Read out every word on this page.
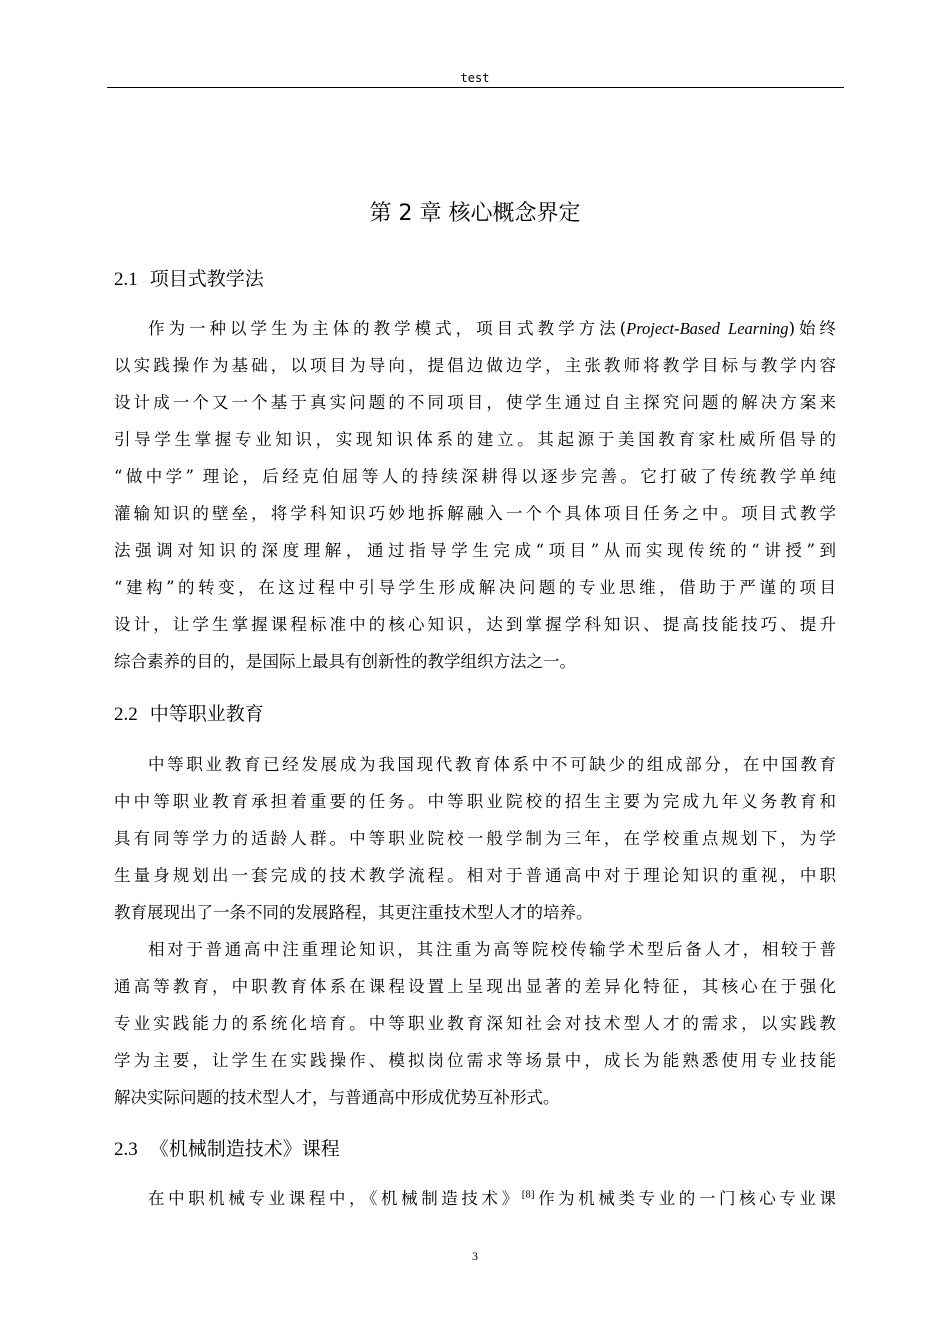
test
第 2 章 核心概念界定
2.1 项目式教学法
作为一种以学生为主体的教学模式，项目式教学方法(Project-Based Learning)始终
以实践操作为基础，以项目为导向，提倡边做边学，主张教师将教学目标与教学内容
设计成一个又一个基于真实问题的不同项目，使学生通过自主探究问题的解决方案来
引导学生掌握专业知识，实现知识体系的建立。其起源于美国教育家杜威所倡导的
“做中学” 理论，后经克伯屈等人的持续深耕得以逐步完善。它打破了传统教学单纯
灌输知识的壁垒，将学科知识巧妙地拆解融入一个个具体项目任务之中。项目式教学
法强调对知识的深度理解，通过指导学生完成“项目”从而实现传统的“讲授”到
“建构”的转变，在这过程中引导学生形成解决问题的专业思维，借助于严谨的项目
设计，让学生掌握课程标准中的核心知识，达到掌握学科知识、提高技能技巧、提升
综合素养的目的，是国际上最具有创新性的教学组织方法之一。
2.2 中等职业教育
中等职业教育已经发展成为我国现代教育体系中不可缺少的组成部分，在中国教育
中中等职业教育承担着重要的任务。中等职业院校的招生主要为完成九年义务教育和
具有同等学力的适龄人群。中等职业院校一般学制为三年，在学校重点规划下，为学
生量身规划出一套完成的技术教学流程。相对于普通高中对于理论知识的重视，中职
教育展现出了一条不同的发展路程，其更注重技术型人才的培养。
相对于普通高中注重理论知识，其注重为高等院校传输学术型后备人才，相较于普
通高等教育，中职教育体系在课程设置上呈现出显著的差异化特征，其核心在于强化
专业实践能力的系统化培育。中等职业教育深知社会对技术型人才的需求，以实践教
学为主要，让学生在实践操作、模拟岗位需求等场景中，成长为能熟悉使用专业技能
解决实际问题的技术型人才，与普通高中形成优势互补形式。
2.3 《机械制造技术》课程
在中职机械专业课程中，《机械制造技术》[8]作为机械类专业的一门核心专业课
3
